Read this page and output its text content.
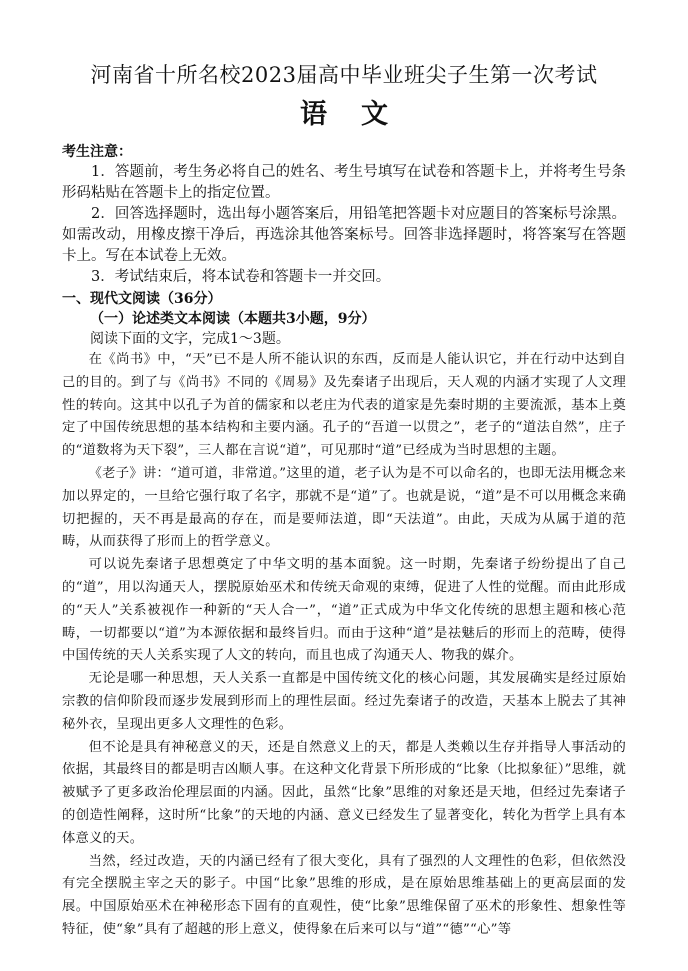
河南省十所名校2023届高中毕业班尖子生第一次考试
语文
考生注意：

1．答题前，考生务必将自己的姓名、考生号填写在试卷和答题卡上，并将考生号条形码粘贴在答题卡上的指定位置。

2．回答选择题时，选出每小题答案后，用铅笔把答题卡对应题目的答案标号涂黑。如需改动，用橡皮擦干净后，再选涂其他答案标号。回答非选择题时，将答案写在答题卡上。写在本试卷上无效。

3．考试结束后，将本试卷和答题卡一并交回。

一、现代文阅读（36分）
（一）论述类文本阅读（本题共3小题，9分）
阅读下面的文字，完成1～3题。

在《尚书》中，“天”已不是人所不能认识的东西，反而是人能认识它，并在行动中达到自己的目的。到了与《尚书》不同的《周易》及先秦诸子出现后，天人观的内涵才实现了人文理性的转向。这其中以孔子为首的儒家和以老庄为代表的道家是先秦时期的主要流派，基本上奠定了中国传统思想的基本结构和主要内涵。孔子的“吾道一以贯之”，老子的“道法自然”，庄子的“道数将为天下裂”，三人都在言说“道”，可见那时“道”已经成为当时思想的主题。

《老子》讲：“道可道，非常道。”这里的道，老子认为是不可以命名的，也即无法用概念来加以界定的，一旦给它强行取了名字，那就不是“道”了。也就是说，“道”是不可以用概念来确切把握的，天不再是最高的存在，而是要师法道，即“天法道”。由此，天成为从属于道的范畴，从而获得了形而上的哲学意义。

可以说先秦诸子思想奠定了中华文明的基本面貌。这一时期，先秦诸子纷纷提出了自己的“道”，用以沟通天人，摆脱原始巫术和传统天命观的束缚，促进了人性的觉醒。而由此形成的“天人”关系被视作一种新的“天人合一”，“道”正式成为中华文化传统的思想主题和核心范畴，一切都要以“道”为本源依据和最终旨归。而由于这种“道”是祛魅后的形而上的范畴，使得中国传统的天人关系实现了人文的转向，而且也成了沟通天人、物我的媒介。

无论是哪一种思想，天人关系一直都是中国传统文化的核心问题，其发展确实是经过原始宗教的信仰阶段而逐步发展到形而上的理性层面。经过先秦诸子的改造，天基本上脱去了其神秘外衣，呈现出更多人文理性的色彩。

但不论是具有神秘意义的天，还是自然意义上的天，都是人类赖以生存并指导人事活动的依据，其最终目的都是明吉凶顺人事。在这种文化背景下所形成的“比象（比拟象征）”思维，就被赋予了更多政治伦理层面的内涵。因此，虽然“比象”思维的对象还是天地，但经过先秦诸子的创造性阐释，这时所“比象”的天地的内涵、意义已经发生了显著变化，转化为哲学上具有本体意义的天。

当然，经过改造，天的内涵已经有了很大变化，具有了强烈的人文理性的色彩，但依然没有完全摆脱主宰之天的影子。中国“比象”思维的形成，是在原始思维基础上的更高层面的发展。中国原始巫术在神秘形态下固有的直观性，使“比象”思维保留了巫术的形象性、想象性等特征，使“象”具有了超越的形上意义，使得象在后来可以与“道”“德”“心”等
